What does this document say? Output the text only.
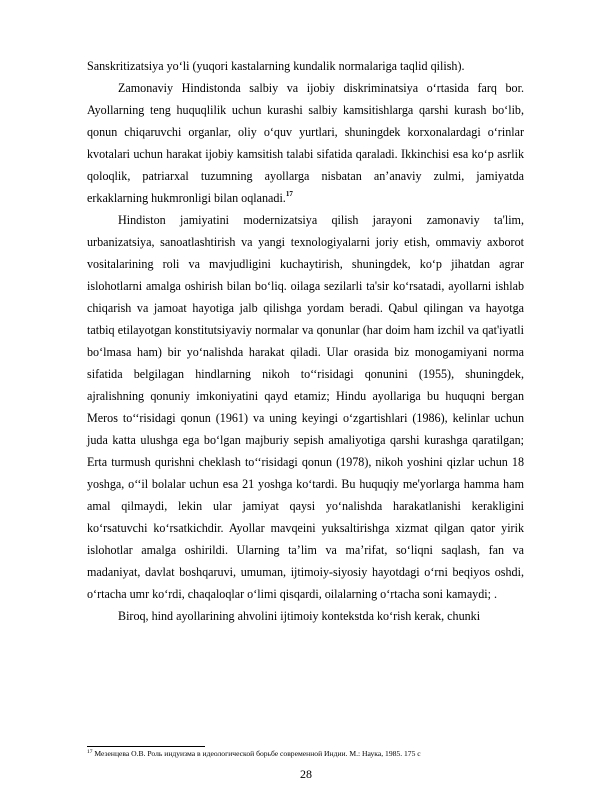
Sanskritizatsiya yo‘li (yuqori kastalarning kundalik normalariga taqlid qilish).

Zamonaviy Hindistonda salbiy va ijobiy diskriminatsiya o‘rtasida farq bor. Ayollarning teng huquqlilik uchun kurashi salbiy kamsitishlarga qarshi kurash bo‘lib, qonun chiqaruvchi organlar, oliy o‘quv yurtlari, shuningdek korxonalardagi o‘rinlar kvotalari uchun harakat ijobiy kamsitish talabi sifatida qaraladi. Ikkinchisi esa ko‘p asrlik qoloqlik, patriarxal tuzumning ayollarga nisbatan an’anaviy zulmi, jamiyatda erkaklarning hukmronligi bilan oqlanadi.$^{17}$

Hindiston jamiyatini modernizatsiya qilish jarayoni zamonaviy ta'lim, urbanizatsiya, sanoatlashtirish va yangi texnologiyalarni joriy etish, ommaviy axborot vositalarining roli va mavjudligini kuchaytirish, shuningdek, ko‘p jihatdan agrar islohotlarni amalga oshirish bilan bo‘liq. oilaga sezilarli ta'sir ko‘rsatadi, ayollarni ishlab chiqarish va jamoat hayotiga jalb qilishga yordam beradi. Qabul qilingan va hayotga tatbiq etilayotgan konstitutsiyaviy normalar va qonunlar (har doim ham izchil va qat'iyatli bo‘lmasa ham) bir yo‘nalishda harakat qiladi. Ular orasida biz monogamiyani norma sifatida belgilagan hindlarning nikoh to‘‘risidagi qonunini (1955), shuningdek, ajralishning qonuniy imkoniyatini qayd etamiz; Hindu ayollariga bu huquqni bergan Meros to‘‘risidagi qonun (1961) va uning keyingi o‘zgartishlari (1986), kelinlar uchun juda katta ulushga ega bo‘lgan majburiy sepish amaliyotiga qarshi kurashga qaratilgan; Erta turmush qurishni cheklash to‘‘risidagi qonun (1978), nikoh yoshini qizlar uchun 18 yoshga, o‘‘il bolalar uchun esa 21 yoshga ko‘tardi. Bu huquqiy me'yorlarga hamma ham amal qilmaydi, lekin ular jamiyat qaysi yo‘nalishda harakatlanishi kerakligini ko‘rsatuvchi ko‘rsatkichdir. Ayollar mavqeini yuksaltirishga xizmat qilgan qator yirik islohotlar amalga oshirildi. Ularning ta’lim va ma’rifat, so‘liqni saqlash, fan va madaniyat, davlat boshqaruvi, umuman, ijtimoiy-siyosiy hayotdagi o‘rni beqiyos oshdi, o‘rtacha umr ko‘rdi, chaqaloqlar o‘limi qisqardi, oilalarning o‘rtacha soni kamaydi; .

Biroq, hind ayollarining ahvolini ijtimoiy kontekstda ko‘rish kerak, chunki

$^{17}$ Мезенцева О.В. Роль индуизма в идеологической борьбе современной Индии. М.: Наука, 1985. 175 с
28
